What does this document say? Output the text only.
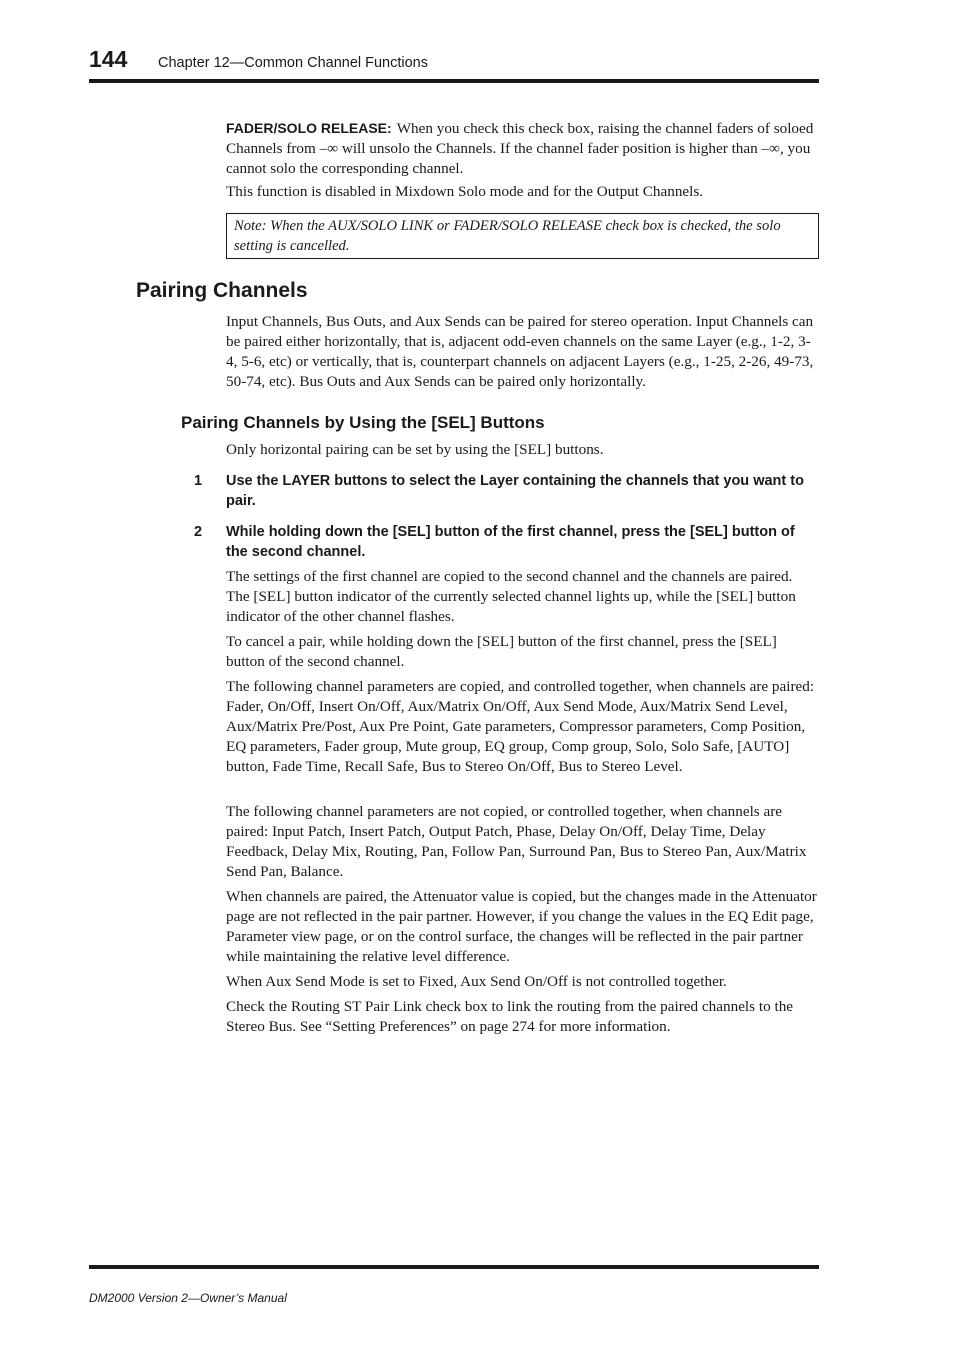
144 Chapter 12—Common Channel Functions
FADER/SOLO RELEASE: When you check this check box, raising the channel faders of soloed Channels from –∞ will unsolo the Channels. If the channel fader position is higher than –∞, you cannot solo the corresponding channel.
This function is disabled in Mixdown Solo mode and for the Output Channels.
Note: When the AUX/SOLO LINK or FADER/SOLO RELEASE check box is checked, the solo setting is cancelled.
Pairing Channels
Input Channels, Bus Outs, and Aux Sends can be paired for stereo operation. Input Channels can be paired either horizontally, that is, adjacent odd-even channels on the same Layer (e.g., 1-2, 3-4, 5-6, etc) or vertically, that is, counterpart channels on adjacent Layers (e.g., 1-25, 2-26, 49-73, 50-74, etc). Bus Outs and Aux Sends can be paired only horizontally.
Pairing Channels by Using the [SEL] Buttons
Only horizontal pairing can be set by using the [SEL] buttons.
1 Use the LAYER buttons to select the Layer containing the channels that you want to pair.
2 While holding down the [SEL] button of the first channel, press the [SEL] button of the second channel.
The settings of the first channel are copied to the second channel and the channels are paired. The [SEL] button indicator of the currently selected channel lights up, while the [SEL] button indicator of the other channel flashes.
To cancel a pair, while holding down the [SEL] button of the first channel, press the [SEL] button of the second channel.
The following channel parameters are copied, and controlled together, when channels are paired: Fader, On/Off, Insert On/Off, Aux/Matrix On/Off, Aux Send Mode, Aux/Matrix Send Level, Aux/Matrix Pre/Post, Aux Pre Point, Gate parameters, Compressor parameters, Comp Position, EQ parameters, Fader group, Mute group, EQ group, Comp group, Solo, Solo Safe, [AUTO] button, Fade Time, Recall Safe, Bus to Stereo On/Off, Bus to Stereo Level.
The following channel parameters are not copied, or controlled together, when channels are paired: Input Patch, Insert Patch, Output Patch, Phase, Delay On/Off, Delay Time, Delay Feedback, Delay Mix, Routing, Pan, Follow Pan, Surround Pan, Bus to Stereo Pan, Aux/Matrix Send Pan, Balance.
When channels are paired, the Attenuator value is copied, but the changes made in the Attenuator page are not reflected in the pair partner. However, if you change the values in the EQ Edit page, Parameter view page, or on the control surface, the changes will be reflected in the pair partner while maintaining the relative level difference.
When Aux Send Mode is set to Fixed, Aux Send On/Off is not controlled together.
Check the Routing ST Pair Link check box to link the routing from the paired channels to the Stereo Bus. See “Setting Preferences” on page 274 for more information.
DM2000 Version 2—Owner’s Manual
